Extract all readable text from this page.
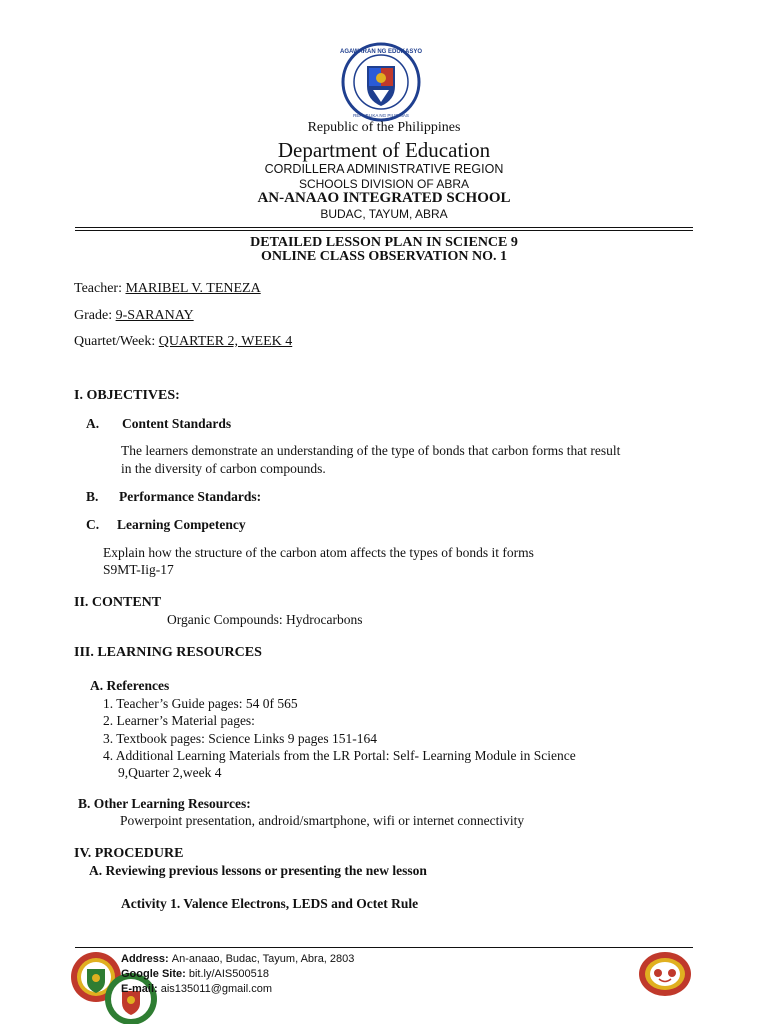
KAGAWARAN NG EDUKASYON
REPUBLIKA NG PILIPINAS
Republic of the Philippines
Department of Education
CORDILLERA ADMINISTRATIVE REGION
SCHOOLS DIVISION OF ABRA
AN-ANAAO INTEGRATED SCHOOL
BUDAC, TAYUM, ABRA
DETAILED LESSON PLAN IN SCIENCE 9
ONLINE CLASS OBSERVATION NO. 1
Teacher: MARIBEL V. TENEZA
Grade: 9-SARANAY
Quartet/Week: QUARTER 2, WEEK 4
I. OBJECTIVES:
A. Content Standards
The learners demonstrate an understanding of the type of bonds that carbon forms that result
in the diversity of carbon compounds.
B. Performance Standards:
C. Learning Competency
Explain how the structure of the carbon atom affects the types of bonds it forms
S9MT-Iig-17
II. CONTENT
Organic Compounds: Hydrocarbons
III. LEARNING RESOURCES
A. References
1. Teacher’s Guide pages: 54 0f 565
2. Learner’s Material pages:
3. Textbook pages: Science Links 9 pages 151-164
4. Additional Learning Materials from the LR Portal: Self- Learning Module in Science
9,Quarter 2,week 4
B. Other Learning Resources:
Powerpoint presentation, android/smartphone, wifi or internet connectivity
IV. PROCEDURE
A. Reviewing previous lessons or presenting the new lesson
Activity 1. Valence Electrons, LEDS and Octet Rule
Address: An-anaao, Budac, Tayum, Abra, 2803
Google Site: bit.ly/AIS500518
E-mail: ais135011@gmail.com
